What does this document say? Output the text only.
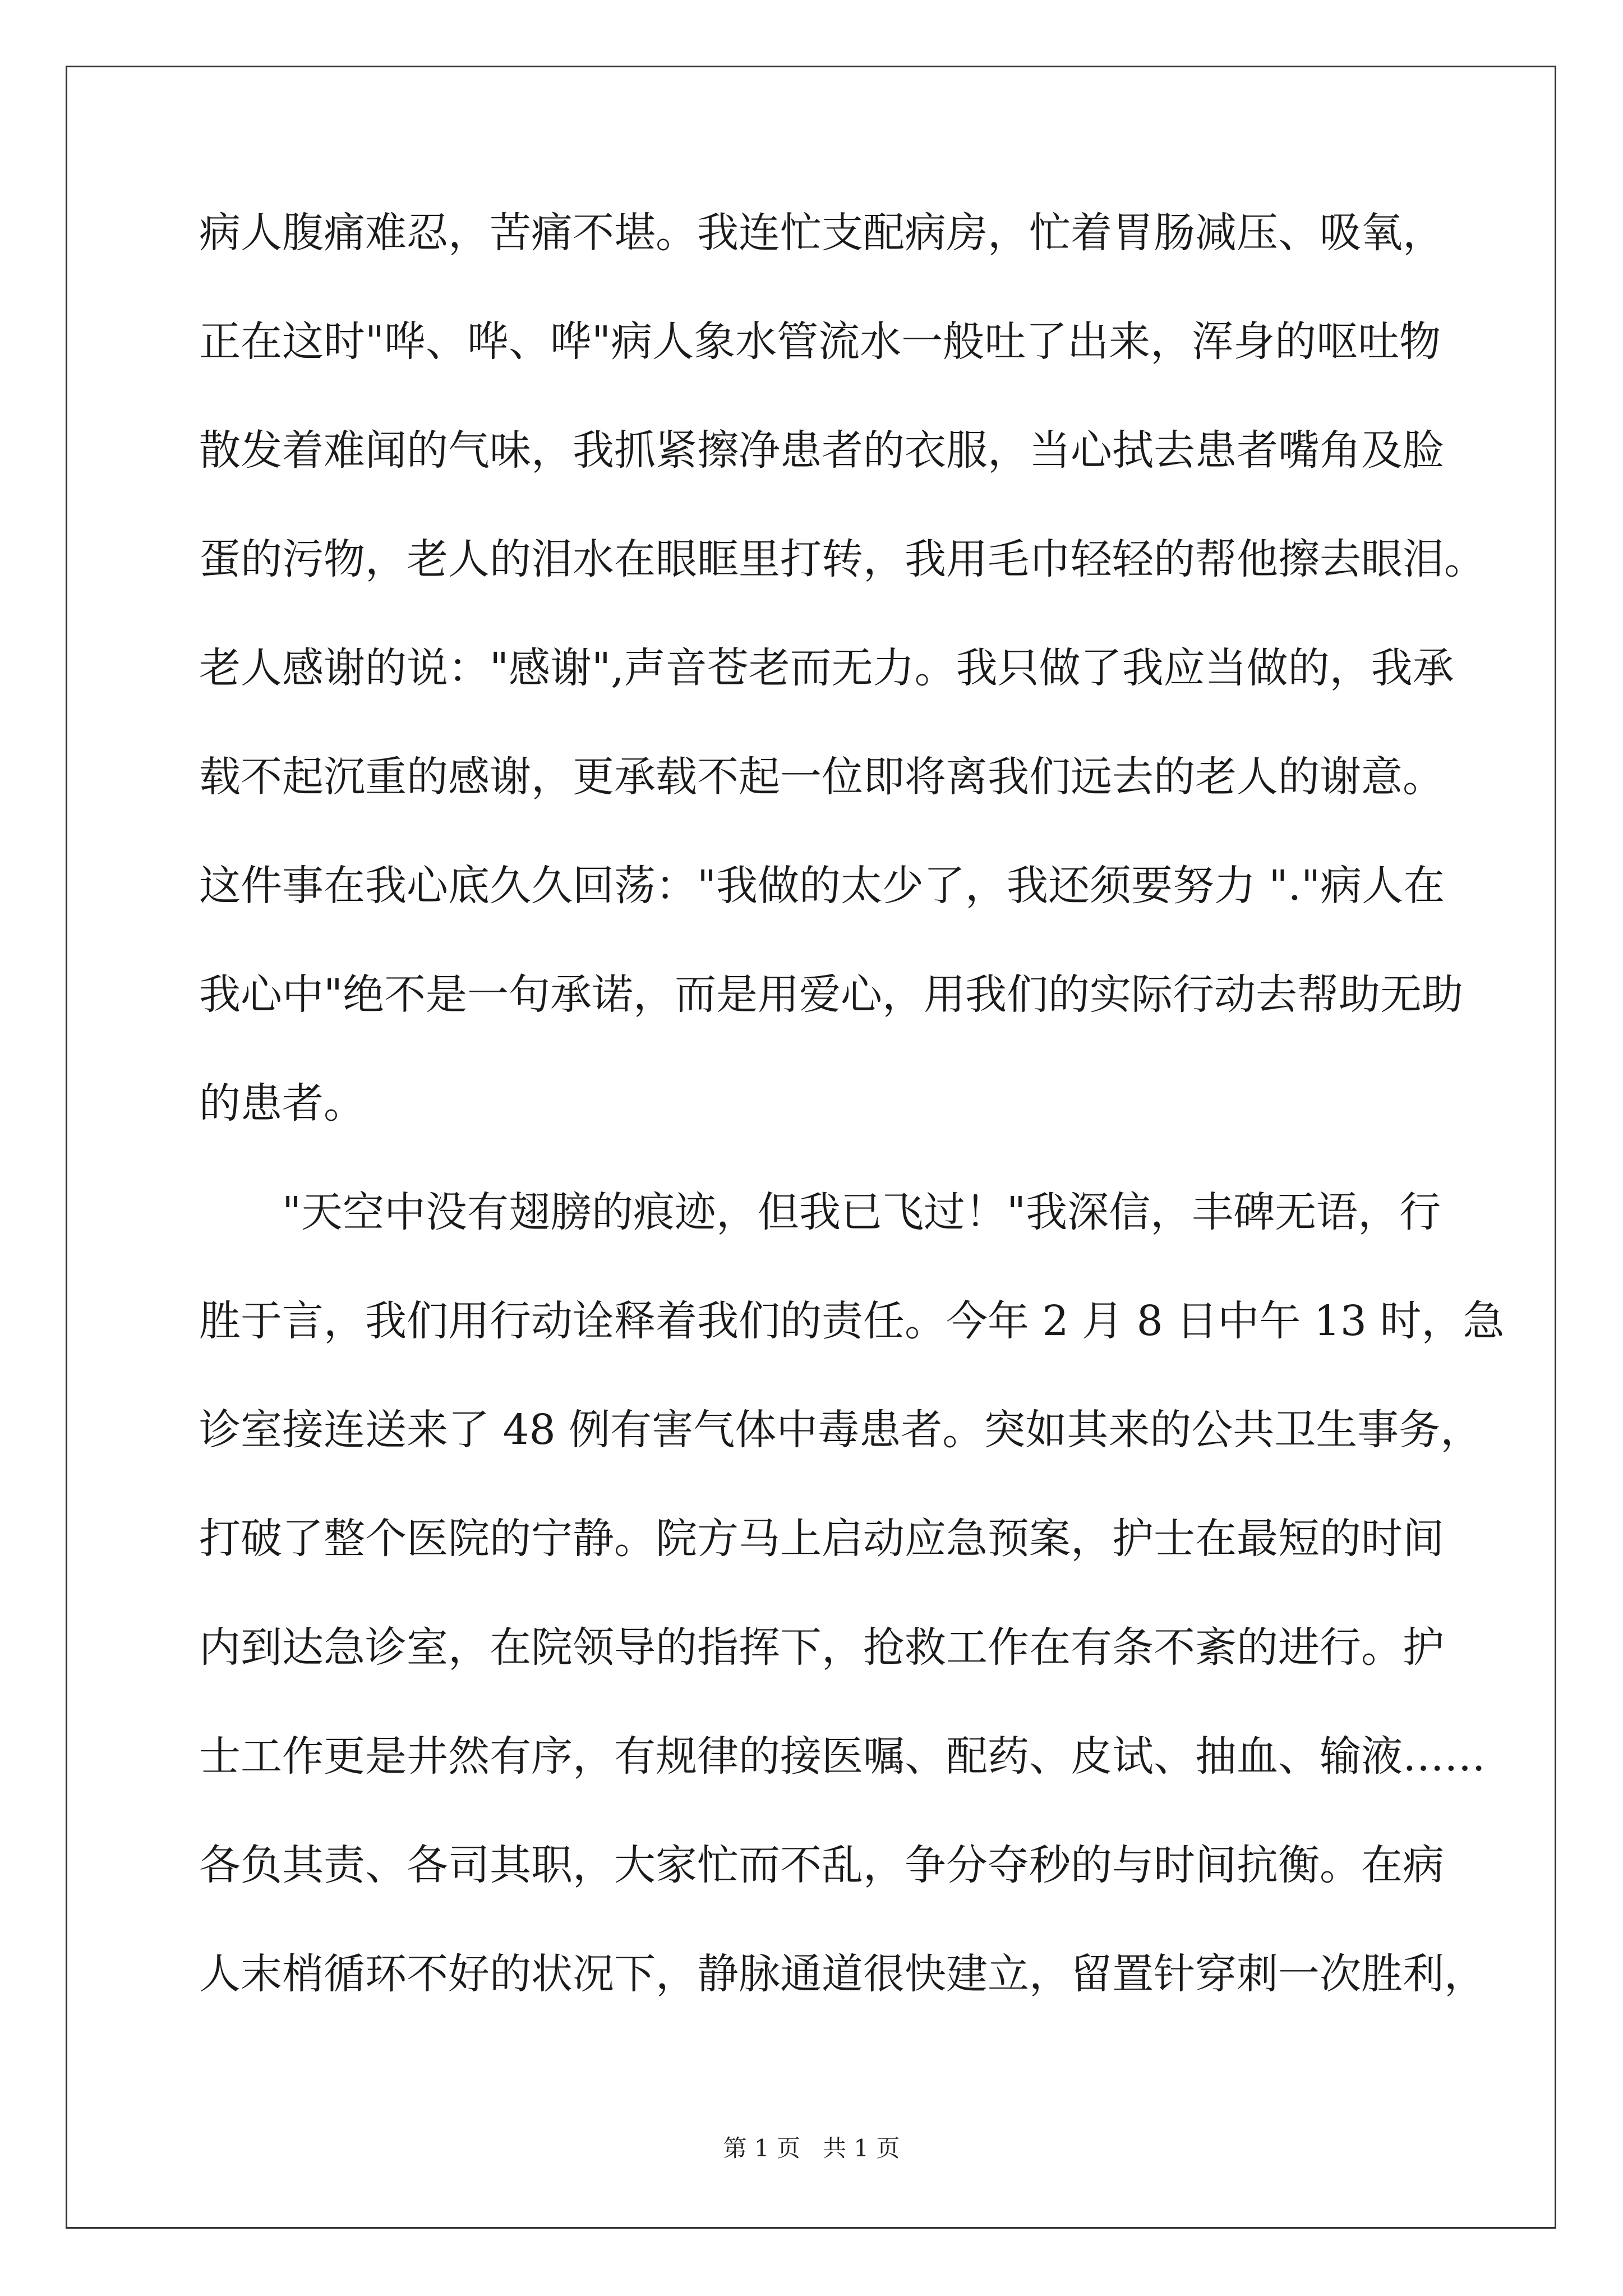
病人腹痛难忍，苦痛不堪。我连忙支配病房，忙着胃肠减压、吸氧，
正在这时"哗、哗、哗"病人象水管流水一般吐了出来，浑身的呕吐物
散发着难闻的气味，我抓紧擦净患者的衣服，当心拭去患者嘴角及脸
蛋的污物，老人的泪水在眼眶里打转，我用毛巾轻轻的帮他擦去眼泪。
老人感谢的说："感谢",声音苍老而无力。我只做了我应当做的，我承
载不起沉重的感谢，更承载不起一位即将离我们远去的老人的谢意。
这件事在我心底久久回荡："我做的太少了，我还须要努力 "."病人在
我心中"绝不是一句承诺，而是用爱心，用我们的实际行动去帮助无助
的患者。
"天空中没有翅膀的痕迹，但我已飞过！"我深信，丰碑无语，行
胜于言，我们用行动诠释着我们的责任。今年 2 月 8 日中午 13 时，急
诊室接连送来了 48 例有害气体中毒患者。突如其来的公共卫生事务，
打破了整个医院的宁静。院方马上启动应急预案，护士在最短的时间
内到达急诊室，在院领导的指挥下，抢救工作在有条不紊的进行。护
士工作更是井然有序，有规律的接医嘱、配药、皮试、抽血、输液……
各负其责、各司其职，大家忙而不乱，争分夺秒的与时间抗衡。在病
人末梢循环不好的状况下，静脉通道很快建立，留置针穿刺一次胜利，
第 1 页 共 1 页
